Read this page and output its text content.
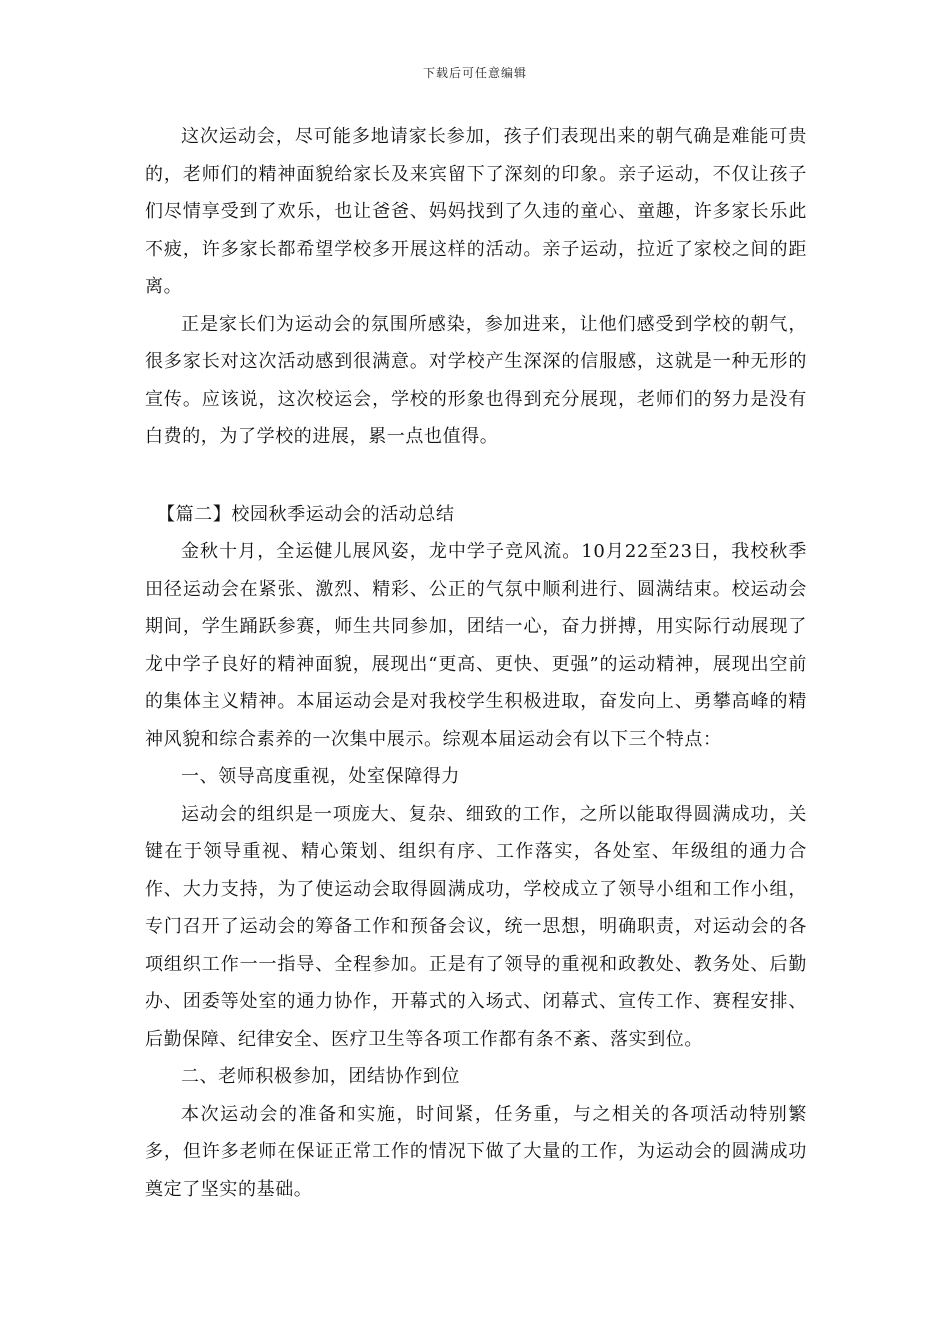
下载后可任意编辑

这次运动会，尽可能多地请家长参加，孩子们表现出来的朝气确是难能可贵的，老师们的精神面貌给家长及来宾留下了深刻的印象。亲子运动，不仅让孩子们尽情享受到了欢乐，也让爸爸、妈妈找到了久违的童心、童趣，许多家长乐此不疲，许多家长都希望学校多开展这样的活动。亲子运动，拉近了家校之间的距离。

正是家长们为运动会的氛围所感染，参加进来，让他们感受到学校的朝气，很多家长对这次活动感到很满意。对学校产生深深的信服感，这就是一种无形的宣传。应该说，这次校运会，学校的形象也得到充分展现，老师们的努力是没有白费的，为了学校的进展，累一点也值得。

【篇二】校园秋季运动会的活动总结

金秋十月，全运健儿展风姿，龙中学子竞风流。10月22至23日，我校秋季田径运动会在紧张、激烈、精彩、公正的气氛中顺利进行、圆满结束。校运动会期间，学生踊跃参赛，师生共同参加，团结一心，奋力拼搏，用实际行动展现了龙中学子良好的精神面貌，展现出“更高、更快、更强”的运动精神，展现出空前的集体主义精神。本届运动会是对我校学生积极进取，奋发向上、勇攀高峰的精神风貌和综合素养的一次集中展示。综观本届运动会有以下三个特点：

一、领导高度重视，处室保障得力

运动会的组织是一项庞大、复杂、细致的工作，之所以能取得圆满成功，关键在于领导重视、精心策划、组织有序、工作落实，各处室、年级组的通力合作、大力支持，为了使运动会取得圆满成功，学校成立了领导小组和工作小组，专门召开了运动会的筹备工作和预备会议，统一思想，明确职责，对运动会的各项组织工作一一指导、全程参加。正是有了领导的重视和政教处、教务处、后勤办、团委等处室的通力协作，开幕式的入场式、闭幕式、宣传工作、赛程安排、后勤保障、纪律安全、医疗卫生等各项工作都有条不紊、落实到位。

二、老师积极参加，团结协作到位

本次运动会的准备和实施，时间紧，任务重，与之相关的各项活动特别繁多，但许多老师在保证正常工作的情况下做了大量的工作，为运动会的圆满成功奠定了坚实的基础。
